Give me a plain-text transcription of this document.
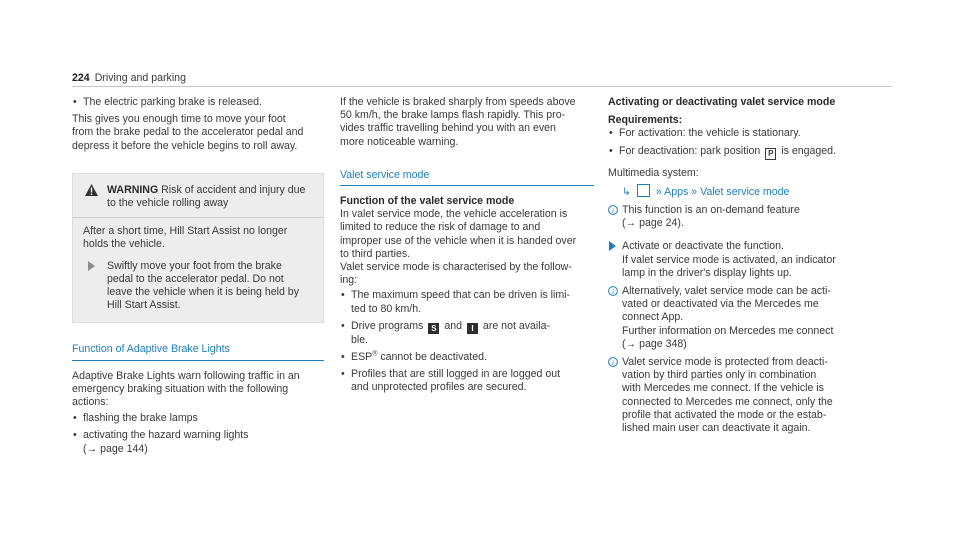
224 Driving and parking
• The electric parking brake is released.

This gives you enough time to move your foot
from the brake pedal to the accelerator pedal and
depress it before the vehicle begins to roll away.

WARNING Risk of accident and injury due
to the vehicle rolling away

After a short time, Hill Start Assist no longer
holds the vehicle.

Swiftly move your foot from the brake
pedal to the accelerator pedal. Do not
leave the vehicle when it is being held by
Hill Start Assist.

Function of Adaptive Brake Lights

Adaptive Brake Lights warn following traffic in an
emergency braking situation with the following
actions:

• flashing the brake lamps
• activating the hazard warning lights
(→ page 144)

If the vehicle is braked sharply from speeds above
50 km/h, the brake lamps flash rapidly. This pro-
vides traffic travelling behind you with an even
more noticeable warning.

Valet service mode

Function of the valet service mode

In valet service mode, the vehicle acceleration is
limited to reduce the risk of damage to and
improper use of the vehicle when it is handed over
to third parties.
Valet service mode is characterised by the follow-
ing:

• The maximum speed that can be driven is limi-
ted to 80 km/h.
• Drive programs S and I are not availa-
ble.
• ESP® cannot be deactivated.
• Profiles that are still logged in are logged out
and unprotected profiles are secured.

Activating or deactivating valet service mode

Requirements:

• For activation: the vehicle is stationary.
• For deactivation: park position P is engaged.

Multimedia system:

↳ » Apps » Valet service mode
i This function is an on-demand feature
(→ page 24).
Activate or deactivate the function.
If valet service mode is activated, an indicator
lamp in the driver's display lights up.
i Alternatively, valet service mode can be acti-
vated or deactivated via the Mercedes me
connect App.
Further information on Mercedes me connect
(→ page 348)
i Valet service mode is protected from deacti-
vation by third parties only in combination
with Mercedes me connect. If the vehicle is
connected to Mercedes me connect, only the
profile that activated the mode or the estab-
lished main user can deactivate it again.
